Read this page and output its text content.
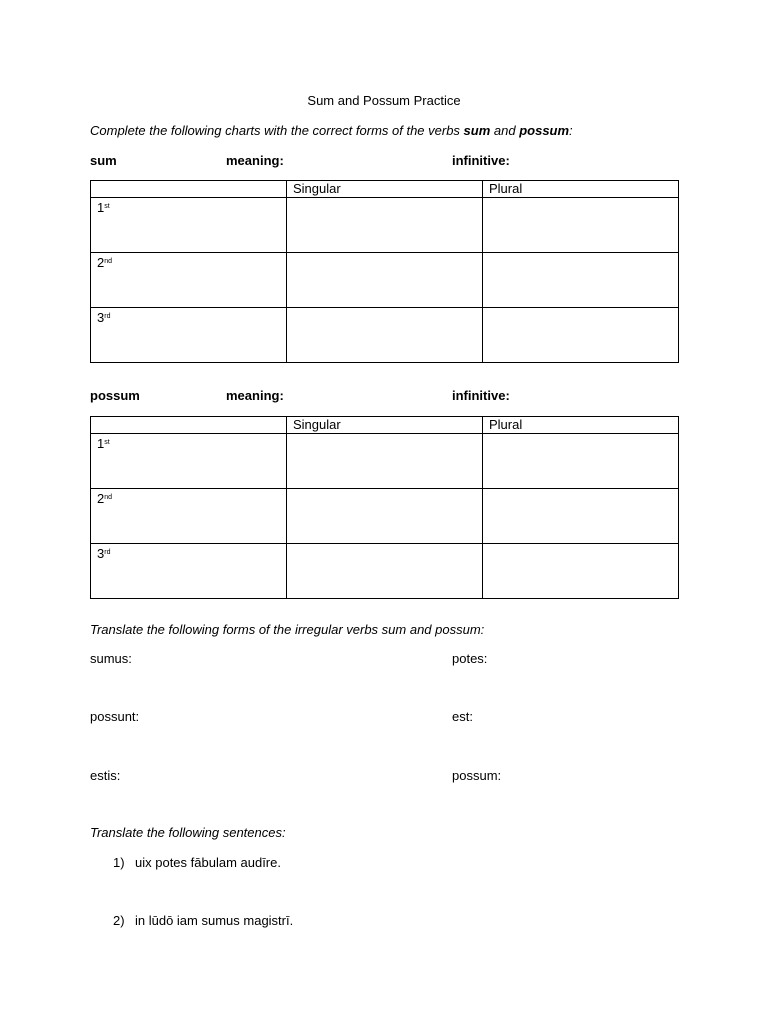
Sum and Possum Practice
Complete the following charts with the correct forms of the verbs sum and possum:
sum	meaning:	infinitive:
	Singular	Plural
1st		
2nd		
3rd		
possum	meaning:	infinitive:
	Singular	Plural
1st		
2nd		
3rd		
Translate the following forms of the irregular verbs sum and possum:
sumus:	potes:
possunt:	est:
estis:	possum:
Translate the following sentences:
1) uix potes fābulam audīre.
2) in lūdō iam sumus magistrī.
